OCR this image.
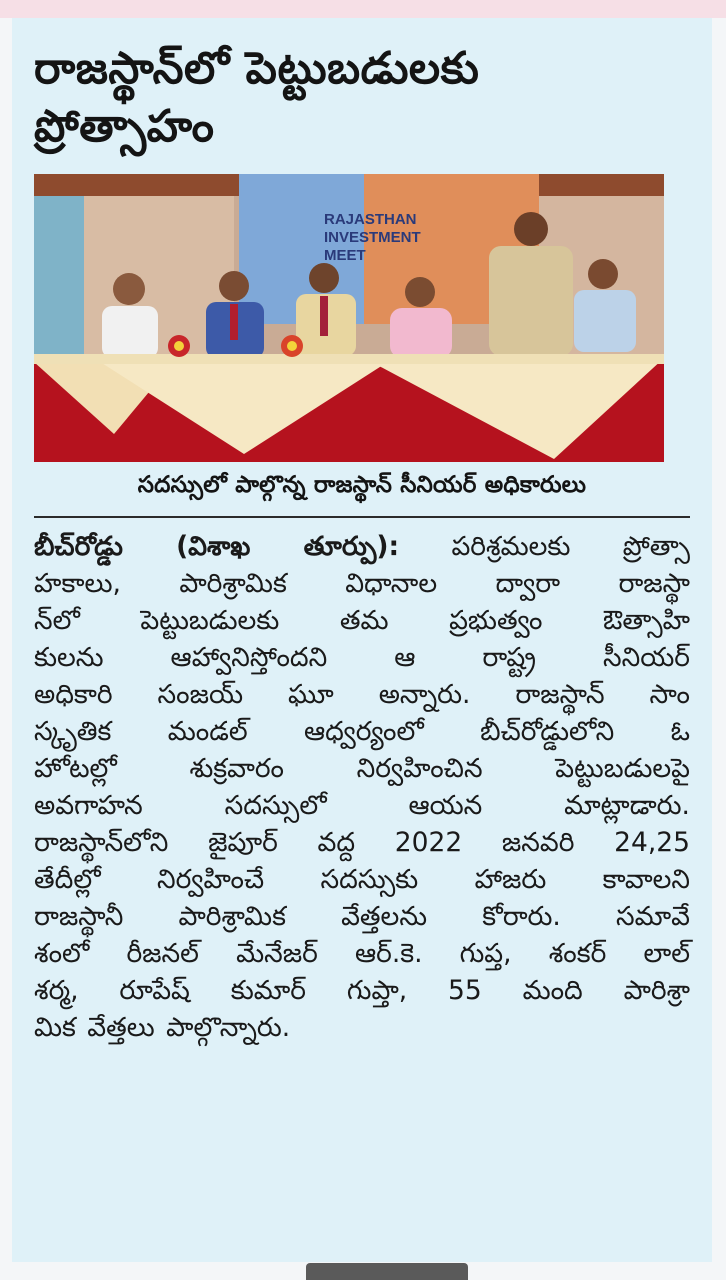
రాజస్థాన్‌లో పెట్టుబడులకు
ప్రోత్సాహం
RAJASTHAN
INVESTMENT
MEET
సదస్సులో పాల్గొన్న రాజస్థాన్ సీనియర్ అధికారులు
బీచ్‌రోడ్డు (విశాఖ తూర్పు): పరిశ్రమలకు ప్రోత్సా
హకాలు, పారిశ్రామిక విధానాల ద్వారా రాజస్థా
న్‌లో పెట్టుబడులకు తమ ప్రభుత్వం ఔత్సాహి
కులను ఆహ్వానిస్తోందని ఆ రాష్ట్ర సీనియర్
అధికారి సంజయ్ ఘూ అన్నారు. రాజస్థాన్ సాం
స్కృతిక మండల్ ఆధ్వర్యంలో బీచ్‌రోడ్డులోని ఓ
హోటల్లో శుక్రవారం నిర్వహించిన పెట్టుబడులపై
అవగాహన సదస్సులో ఆయన మాట్లాడారు.
రాజస్థాన్‌లోని జైపూర్ వద్ద 2022 జనవరి 24,25
తేదీల్లో నిర్వహించే సదస్సుకు హాజరు కావాలని
రాజస్థానీ పారిశ్రామిక వేత్తలను కోరారు. సమావే
శంలో రీజనల్ మేనేజర్ ఆర్.కె. గుప్త, శంకర్ లాల్
శర్మ, రూపేష్ కుమార్ గుప్తా, 55 మంది పారిశ్రా
మిక వేత్తలు పాల్గొన్నారు.
